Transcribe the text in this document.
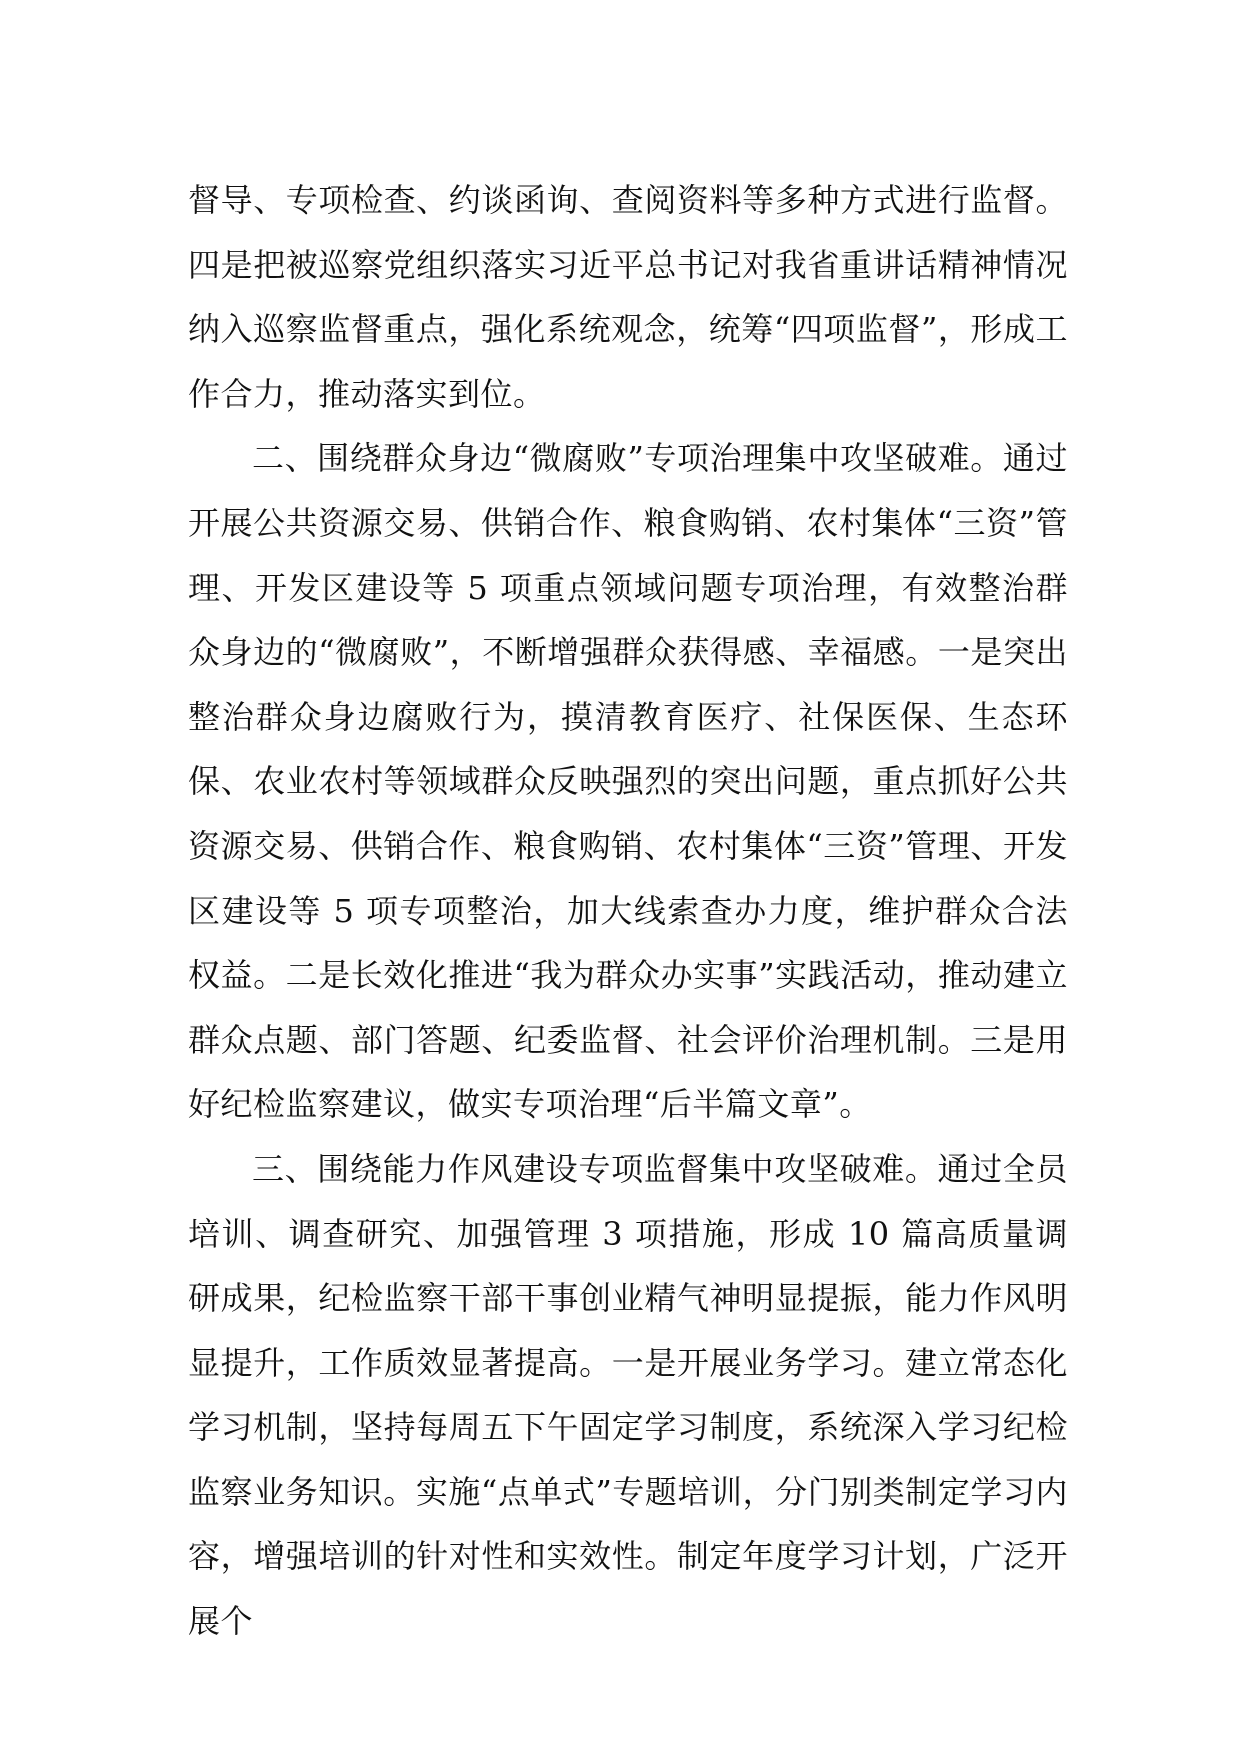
督导、专项检查、约谈函询、查阅资料等多种方式进行监督。四是把被巡察党组织落实习近平总书记对我省重讲话精神情况纳入巡察监督重点，强化系统观念，统筹“四项监督”，形成工作合力，推动落实到位。

二、围绕群众身边“微腐败”专项治理集中攻坚破难。通过开展公共资源交易、供销合作、粮食购销、农村集体“三资”管理、开发区建设等 5 项重点领域问题专项治理，有效整治群众身边的“微腐败”，不断增强群众获得感、幸福感。一是突出整治群众身边腐败行为，摸清教育医疗、社保医保、生态环保、农业农村等领域群众反映强烈的突出问题，重点抓好公共资源交易、供销合作、粮食购销、农村集体“三资”管理、开发区建设等 5 项专项整治，加大线索查办力度，维护群众合法权益。二是长效化推进“我为群众办实事”实践活动，推动建立群众点题、部门答题、纪委监督、社会评价治理机制。三是用好纪检监察建议，做实专项治理“后半篇文章”。

三、围绕能力作风建设专项监督集中攻坚破难。通过全员培训、调查研究、加强管理 3 项措施，形成 10 篇高质量调研成果，纪检监察干部干事创业精气神明显提振，能力作风明显提升，工作质效显著提高。一是开展业务学习。建立常态化学习机制，坚持每周五下午固定学习制度，系统深入学习纪检监察业务知识。实施“点单式”专题培训，分门别类制定学习内容，增强培训的针对性和实效性。制定年度学习计划，广泛开展个
